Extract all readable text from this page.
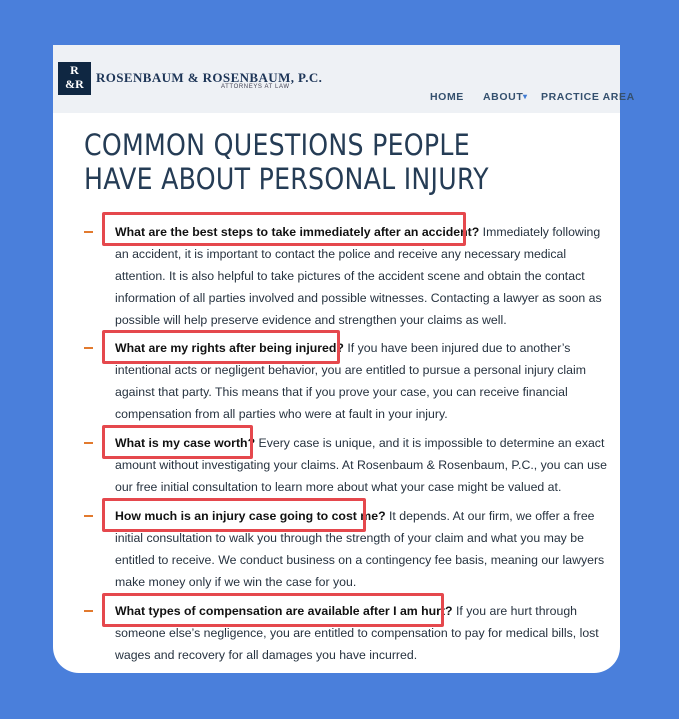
R
&R ROSENBAUM & ROSENBAUM, P.C.
ATTORNEYS AT LAW
HOME ABOUT ▾ PRACTICE AREA
COMMON QUESTIONS PEOPLE HAVE ABOUT PERSONAL INJURY

What are the best steps to take immediately after an accident? Immediately following an accident, it is important to contact the police and receive any necessary medical attention. It is also helpful to take pictures of the accident scene and obtain the contact information of all parties involved and possible witnesses. Contacting a lawyer as soon as possible will help preserve evidence and strengthen your claims as well.

What are my rights after being injured? If you have been injured due to another’s intentional acts or negligent behavior, you are entitled to pursue a personal injury claim against that party. This means that if you prove your case, you can receive financial compensation from all parties who were at fault in your injury.

What is my case worth? Every case is unique, and it is impossible to determine an exact amount without investigating your claims. At Rosenbaum & Rosenbaum, P.C., you can use our free initial consultation to learn more about what your case might be valued at.

How much is an injury case going to cost me? It depends. At our firm, we offer a free initial consultation to walk you through the strength of your claim and what you may be entitled to receive. We conduct business on a contingency fee basis, meaning our lawyers make money only if we win the case for you.

What types of compensation are available after I am hurt? If you are hurt through someone else’s negligence, you are entitled to compensation to pay for medical bills, lost wages and recovery for all damages you have incurred.
